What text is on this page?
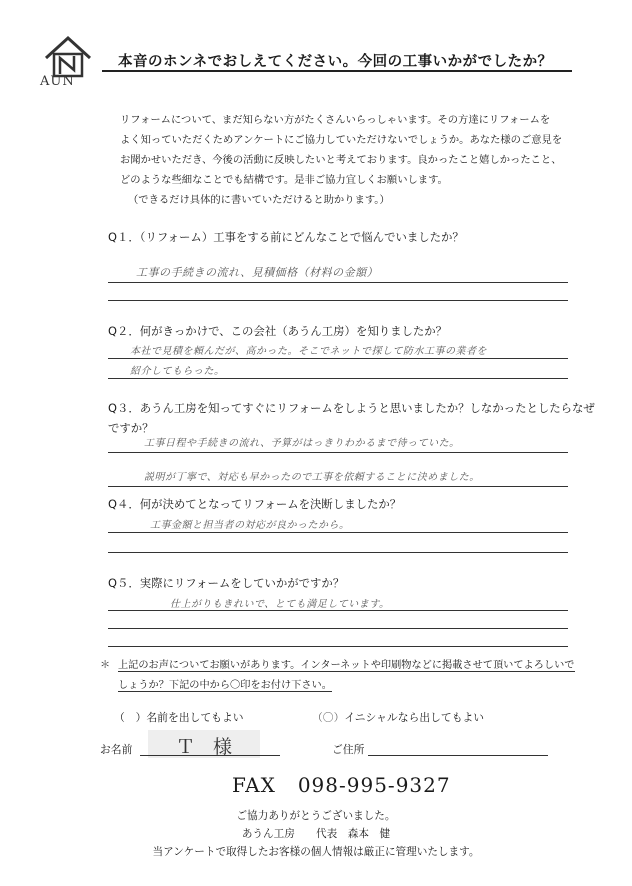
AUN
本音のホンネでおしえてください。今回の工事いかがでしたか？

リフォームについて、まだ知らない方がたくさんいらっしゃいます。その方達にリフォームを

よく知っていただくためアンケートにご協力していただけないでしょうか。あなた様のご意見を

お聞かせいただき、今後の活動に反映したいと考えております。良かったこと嬉しかったこと、

どのような些細なことでも結構です。是非ご協力宜しくお願いします。

（できるだけ具体的に書いていただけると助かります。）

Q１．（リフォーム）工事をする前にどんなことで悩んでいましたか？
工事の手続きの流れ、見積価格（材料の金額）
Q２．何がきっかけで、この会社（あうん工房）を知りましたか？
本社で見積を頼んだが、高かった。そこでネットで探して防水工事の業者を
紹介してもらった。
Q３．あうん工房を知ってすぐにリフォームをしようと思いましたか？しなかったとしたらなぜですか？
工事日程や手続きの流れ、予算がはっきりわかるまで待っていた。
説明が丁寧で、対応も早かったので工事を依頼することに決めました。
Q４．何が決めてとなってリフォームを決断しましたか？
工事金額と担当者の対応が良かったから。
Q５．実際にリフォームをしていかがですか？
仕上がりもきれいで、とても満足しています。
＊ 上記のお声についてお願いがあります。インターネットや印刷物などに掲載させて頂いてよろしいで
しょうか？下記の中から〇印をお付け下さい。
（　）名前を出してもよい	（〇）イニシャルなら出してもよい
お名前 Ｔ 様	ご住所
FAX 098-995-9327
ご協力ありがとうございました。
あうん工房　　代表　森本　健
当アンケートで取得したお客様の個人情報は厳正に管理いたします。
